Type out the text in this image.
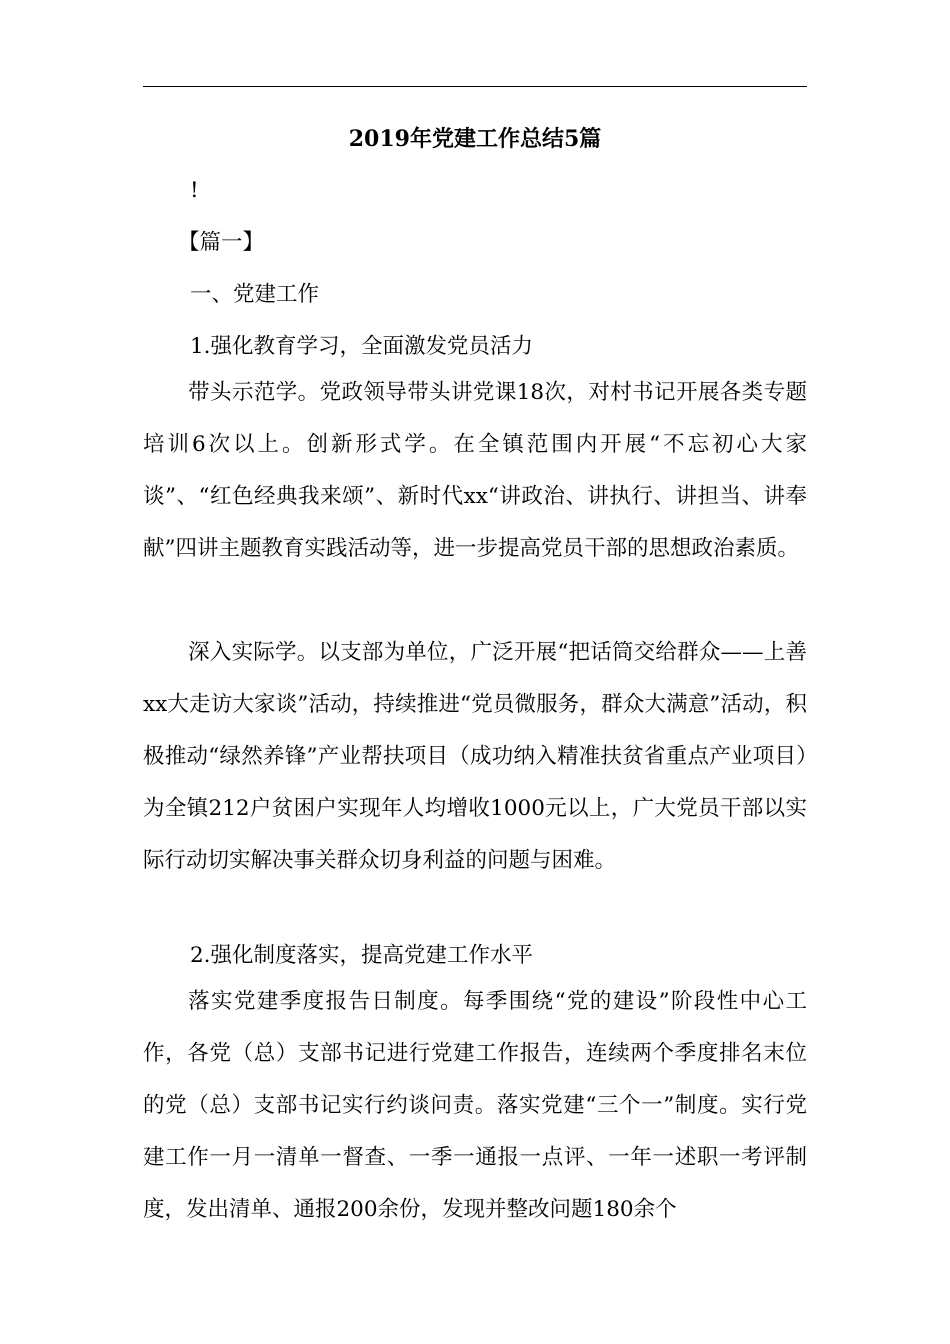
2019年党建工作总结5篇
!
【篇一】
一、党建工作
1.强化教育学习，全面激发党员活力
带头示范学。党政领导带头讲党课18次，对村书记开展各类专题培训6次以上。创新形式学。在全镇范围内开展“不忘初心大家谈”、“红色经典我来颂”、新时代xx“讲政治、讲执行、讲担当、讲奉献”四讲主题教育实践活动等，进一步提高党员干部的思想政治素质。
深入实际学。以支部为单位，广泛开展“把话筒交给群众——上善xx大走访大家谈”活动，持续推进“党员微服务，群众大满意”活动，积极推动“绿然养锋”产业帮扶项目（成功纳入精准扶贫省重点产业项目）为全镇212户贫困户实现年人均增收1000元以上，广大党员干部以实际行动切实解决事关群众切身利益的问题与困难。
2.强化制度落实，提高党建工作水平
落实党建季度报告日制度。每季围绕“党的建设”阶段性中心工作，各党（总）支部书记进行党建工作报告，连续两个季度排名末位的党（总）支部书记实行约谈问责。落实党建“三个一”制度。实行党建工作一月一清单一督查、一季一通报一点评、一年一述职一考评制度，发出清单、通报200余份，发现并整改问题180余个
